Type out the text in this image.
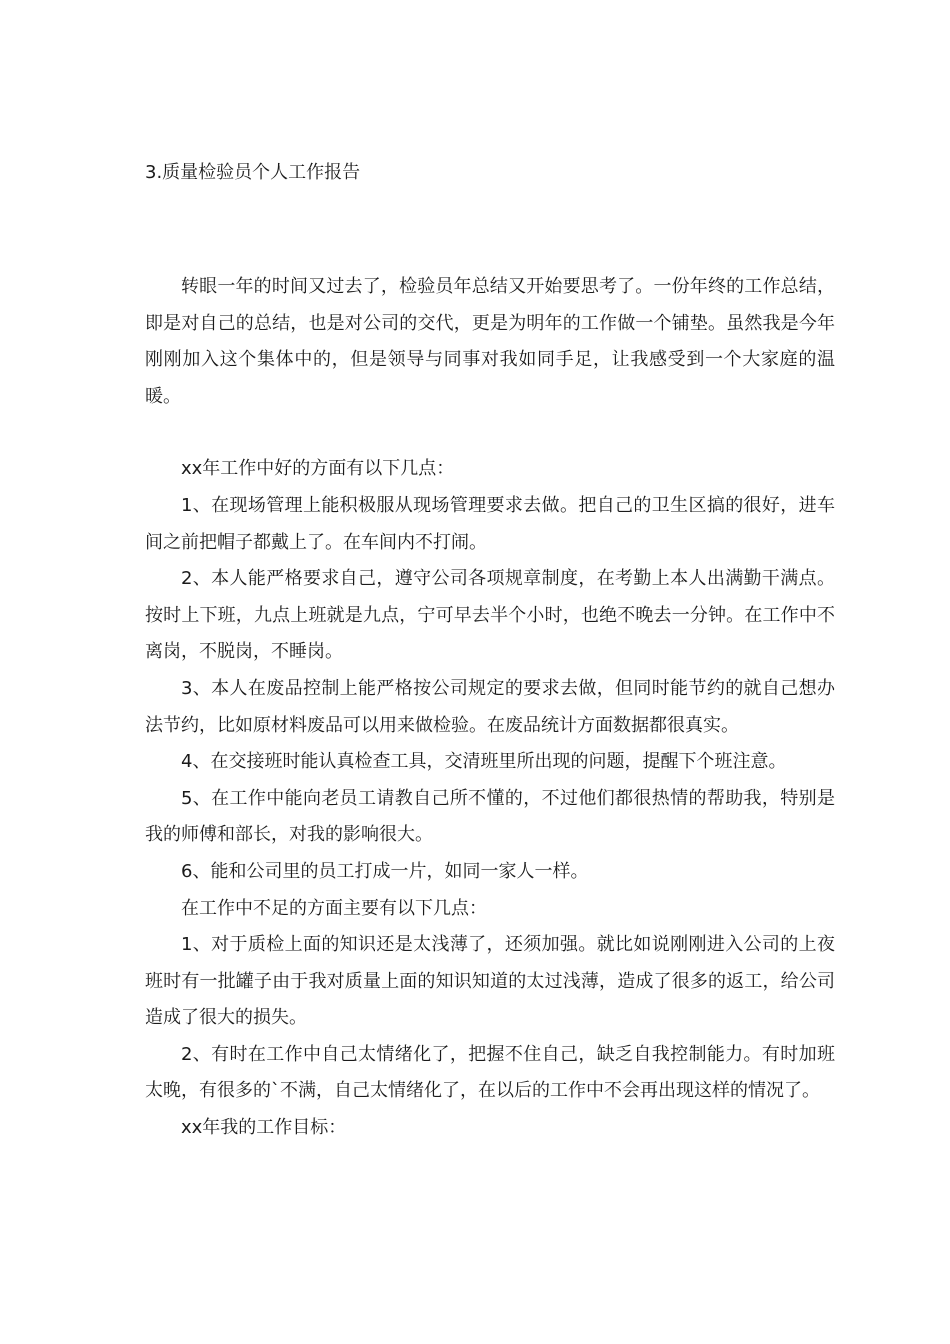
3.质量检验员个人工作报告

转眼一年的时间又过去了，检验员年总结又开始要思考了。一份年终的工作总结，即是对自己的总结，也是对公司的交代，更是为明年的工作做一个铺垫。虽然我是今年刚刚加入这个集体中的，但是领导与同事对我如同手足，让我感受到一个大家庭的温暖。

xx年工作中好的方面有以下几点：

1、在现场管理上能积极服从现场管理要求去做。把自己的卫生区搞的很好，进车间之前把帽子都戴上了。在车间内不打闹。

2、本人能严格要求自己，遵守公司各项规章制度，在考勤上本人出满勤干满点。按时上下班，九点上班就是九点，宁可早去半个小时，也绝不晚去一分钟。在工作中不离岗，不脱岗，不睡岗。

3、本人在废品控制上能严格按公司规定的要求去做，但同时能节约的就自己想办法节约，比如原材料废品可以用来做检验。在废品统计方面数据都很真实。

4、在交接班时能认真检查工具，交清班里所出现的问题，提醒下个班注意。

5、在工作中能向老员工请教自己所不懂的，不过他们都很热情的帮助我，特别是我的师傅和部长，对我的影响很大。

6、能和公司里的员工打成一片，如同一家人一样。

在工作中不足的方面主要有以下几点：

1、对于质检上面的知识还是太浅薄了，还须加强。就比如说刚刚进入公司的上夜班时有一批罐子由于我对质量上面的知识知道的太过浅薄，造成了很多的返工，给公司造成了很大的损失。

2、有时在工作中自己太情绪化了，把握不住自己，缺乏自我控制能力。有时加班太晚，有很多的`不满，自己太情绪化了，在以后的工作中不会再出现这样的情况了。

xx年我的工作目标：
